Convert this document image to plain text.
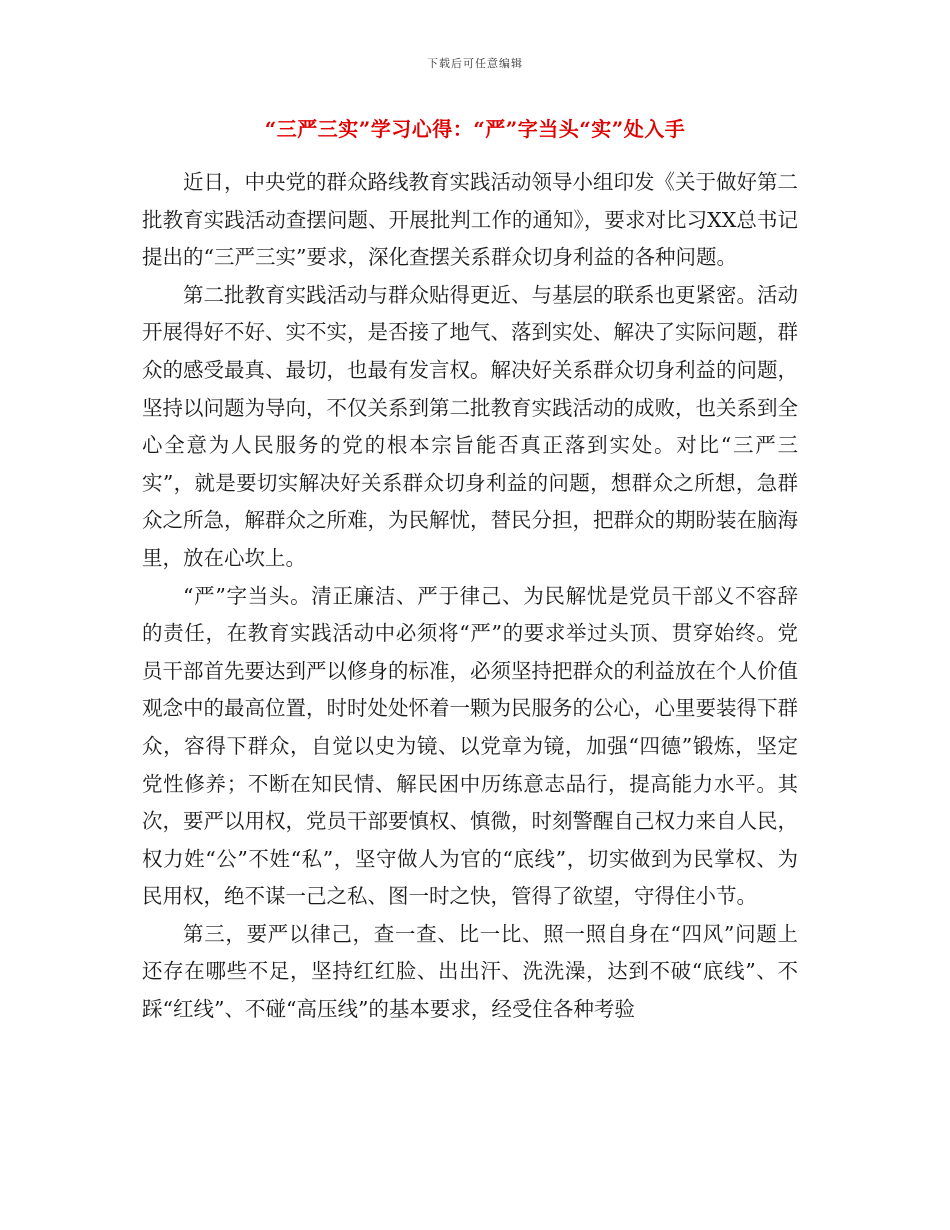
下载后可任意编辑
“三严三实”学习心得：“严”字当头“实”处入手

近日，中央党的群众路线教育实践活动领导小组印发《关于做好第二批教育实践活动查摆问题、开展批判工作的通知》，要求对比习XX总书记提出的“三严三实”要求，深化查摆关系群众切身利益的各种问题。

第二批教育实践活动与群众贴得更近、与基层的联系也更紧密。活动开展得好不好、实不实，是否接了地气、落到实处、解决了实际问题，群众的感受最真、最切，也最有发言权。解决好关系群众切身利益的问题，坚持以问题为导向，不仅关系到第二批教育实践活动的成败，也关系到全心全意为人民服务的党的根本宗旨能否真正落到实处。对比“三严三实”，就是要切实解决好关系群众切身利益的问题，想群众之所想，急群众之所急，解群众之所难，为民解忧，替民分担，把群众的期盼装在脑海里，放在心坎上。

“严”字当头。清正廉洁、严于律己、为民解忧是党员干部义不容辞的责任，在教育实践活动中必须将“严”的要求举过头顶、贯穿始终。党员干部首先要达到严以修身的标准，必须坚持把群众的利益放在个人价值观念中的最高位置，时时处处怀着一颗为民服务的公心，心里要装得下群众，容得下群众，自觉以史为镜、以党章为镜，加强“四德”锻炼，坚定党性修养；不断在知民情、解民困中历练意志品行，提高能力水平。其次，要严以用权，党员干部要慎权、慎微，时刻警醒自己权力来自人民，权力姓“公”不姓“私”，坚守做人为官的“底线”，切实做到为民掌权、为民用权，绝不谋一己之私、图一时之快，管得了欲望，守得住小节。

第三，要严以律己，查一查、比一比、照一照自身在“四风”问题上还存在哪些不足，坚持红红脸、出出汗、洗洗澡，达到不破“底线”、不踩“红线”、不碰“高压线”的基本要求，经受住各种考验
